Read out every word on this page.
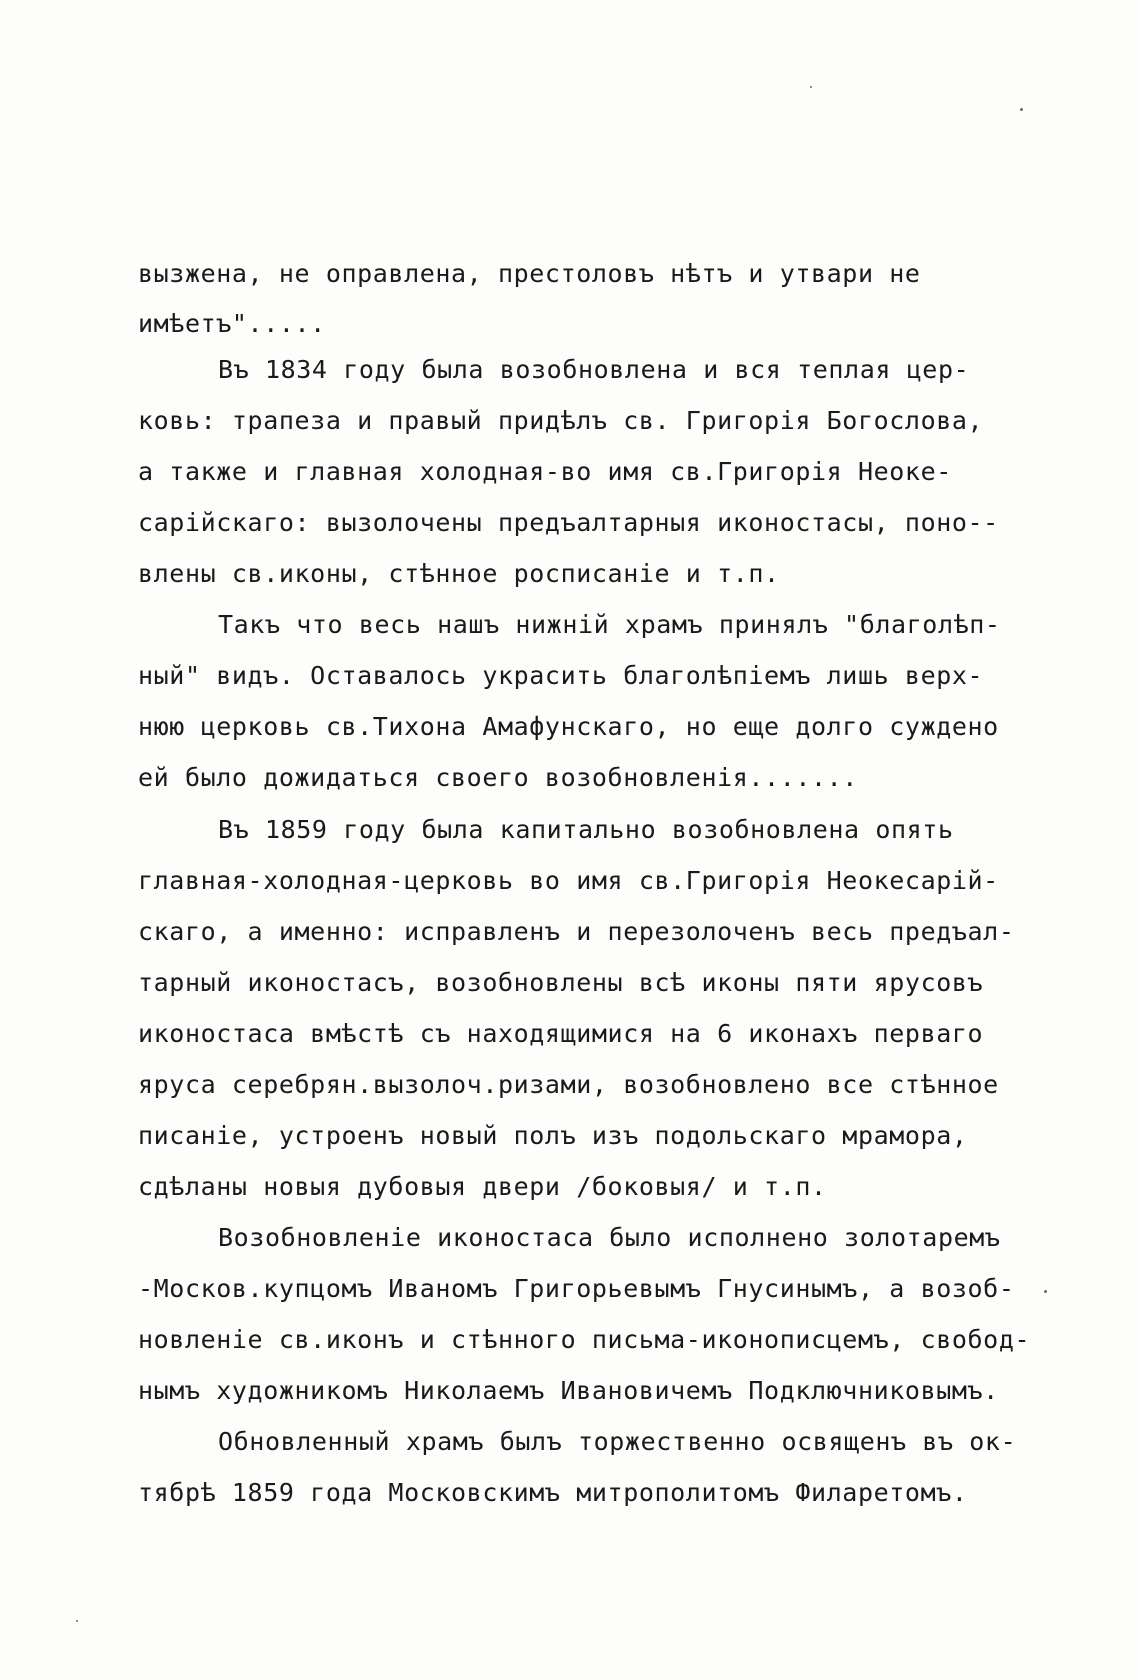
вызжена, не оправлена, престоловъ нѣтъ и утвари не
имѣетъ".....
Въ 1834 году была возобновлена и вся теплая цер-
ковь: трапеза и правый придѣлъ св. Григорія Богослова,
а также и главная холодная-во имя св.Григорія Неоке-
сарійскаго: вызолочены предъалтарныя иконостасы, поно--
влены св.иконы, стѣнное росписаніе и т.п.
Такъ что весь нашъ нижній храмъ принялъ "благолѣп-
ный" видъ. Оставалось украсить благолѣпіемъ лишь верх-
нюю церковь св.Тихона Амафунскаго, но еще долго суждено
ей было дожидаться своего возобновленія.......
Въ 1859 году была капитально возобновлена опять
главная-холодная-церковь во имя св.Григорія Неокесарій-
скаго, а именно: исправленъ и перезолоченъ весь предъал-
тарный иконостасъ, возобновлены всѣ иконы пяти ярусовъ
иконостаса вмѣстѣ съ находящимися на 6 иконахъ перваго
яруса серебрян.вызолоч.ризами, возобновлено все стѣнное
писаніе, устроенъ новый полъ изъ подольскаго мрамора,
сдѣланы новыя дубовыя двери /боковыя/ и т.п.
Возобновленіе иконостаса было исполнено золотаремъ
-Москов.купцомъ Иваномъ Григорьевымъ Гнусинымъ, а возоб-
новленіе св.иконъ и стѣнного письма-иконописцемъ, свобод-
нымъ художникомъ Николаемъ Ивановичемъ Подключниковымъ.
Обновленный храмъ былъ торжественно освященъ въ ок-
тябрѣ 1859 года Московскимъ митрополитомъ Филаретомъ.
